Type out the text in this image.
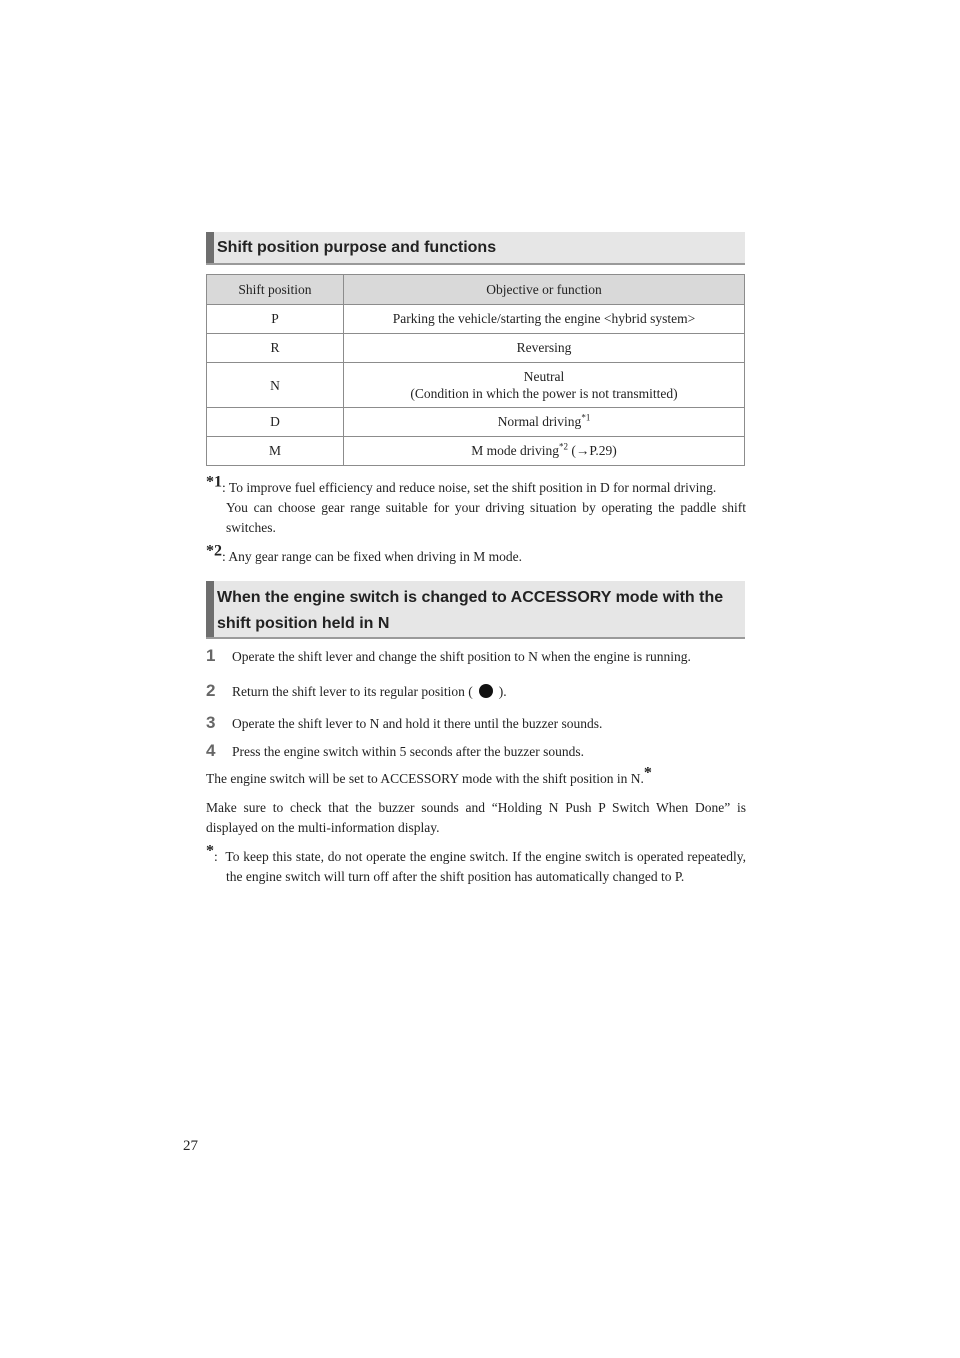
Shift position purpose and functions
Shift position	Objective or function
P	Parking the vehicle/starting the engine <hybrid system>
R	Reversing
N	Neutral
(Condition in which the power is not transmitted)
D	Normal driving$^{*1}$
M	M mode driving$^{*2}$ (→P.29)
$^{*1}$: To improve fuel efficiency and reduce noise, set the shift position in D for normal driving.
You can choose gear range suitable for your driving situation by operating the paddle shift switches.
$^{*2}$: Any gear range can be fixed when driving in M mode.
When the engine switch is changed to ACCESSORY mode with the
shift position held in N
1 Operate the shift lever and change the shift position to N when the engine is running.
2 Return the shift lever to its regular position ( ).
3 Operate the shift lever to N and hold it there until the buzzer sounds.
4 Press the engine switch within 5 seconds after the buzzer sounds.
The engine switch will be set to ACCESSORY mode with the shift position in N.*
Make sure to check that the buzzer sounds and “Holding N Push P Switch When Done” is displayed on the multi-information display.
*: To keep this state, do not operate the engine switch. If the engine switch is operated repeatedly, the engine switch will turn off after the shift position has automatically changed to P.
27
